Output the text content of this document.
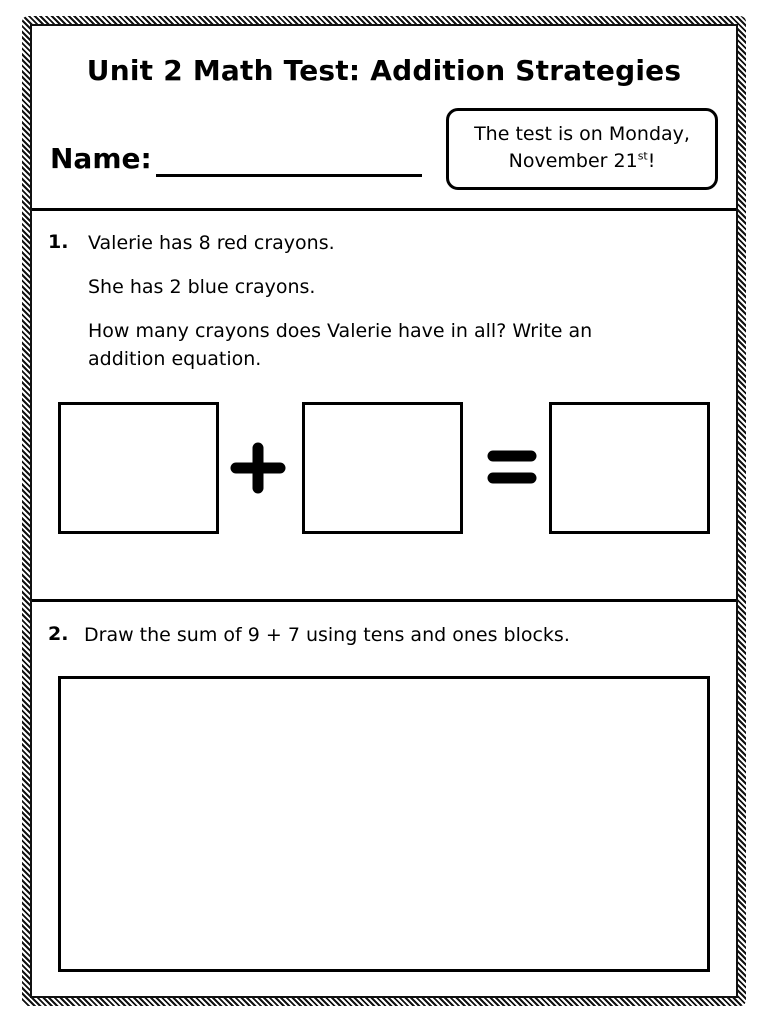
Unit 2 Math Test: Addition Strategies
Name:
The test is on Monday,
November 21st!
1. Valerie has 8 red crayons.
She has 2 blue crayons.
How many crayons does Valerie have in all? Write an
addition equation.
2. Draw the sum of 9 + 7 using tens and ones blocks.
